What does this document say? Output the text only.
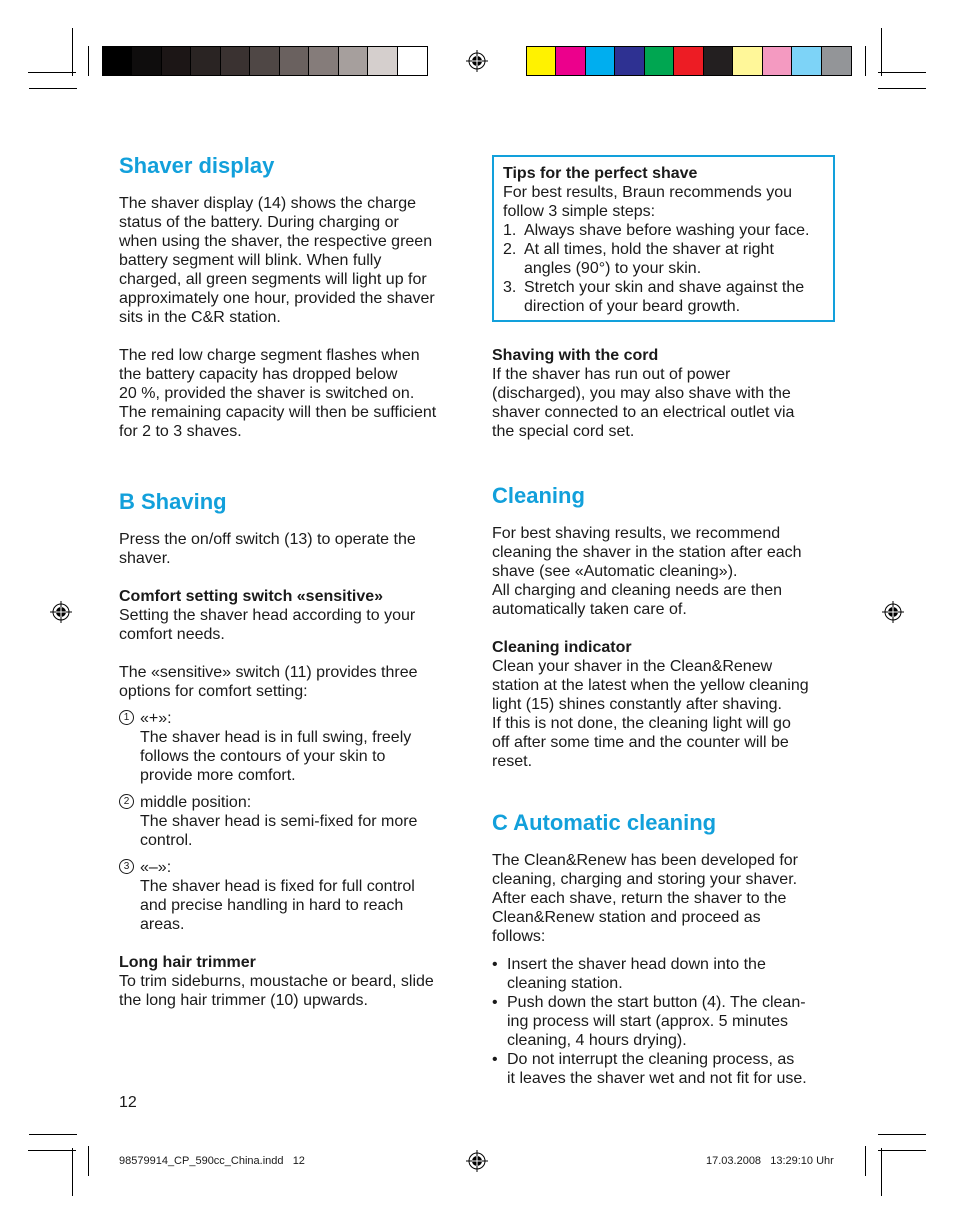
Shaver display

The shaver display (14) shows the charge
status of the battery. During charging or
when using the shaver, the respective green
battery segment will blink. When fully
charged, all green segments will light up for
approximately one hour, provided the shaver
sits in the C&R station.

The red low charge segment flashes when
the battery capacity has dropped below
20 %, provided the shaver is switched on.
The remaining capacity will then be sufficient
for 2 to 3 shaves.

B Shaving

Press the on/off switch (13) to operate the
shaver.

Comfort setting switch «sensitive»

Setting the shaver head according to your
comfort needs.

The «sensitive» switch (11) provides three
options for comfort setting:

1 «+»:

The shaver head is in full swing, freely
follows the contours of your skin to
provide more comfort.

2 middle position:

The shaver head is semi-fixed for more
control.

3 «–»:

The shaver head is fixed for full control
and precise handling in hard to reach
areas.

Long hair trimmer

To trim sideburns, moustache or beard, slide
the long hair trimmer (10) upwards.

12

Tips for the perfect shave

For best results, Braun recommends you
follow 3 simple steps:

1. Always shave before washing your face.
2. At all times, hold the shaver at right
angles (90°) to your skin.
3. Stretch your skin and shave against the
direction of your beard growth.

Shaving with the cord

If the shaver has run out of power
(discharged), you may also shave with the
shaver connected to an electrical outlet via
the special cord set.

Cleaning

For best shaving results, we recommend
cleaning the shaver in the station after each
shave (see «Automatic cleaning»).
All charging and cleaning needs are then
automatically taken care of.

Cleaning indicator

Clean your shaver in the Clean&Renew
station at the latest when the yellow cleaning
light (15) shines constantly after shaving.
If this is not done, the cleaning light will go
off after some time and the counter will be
reset.

C Automatic cleaning

The Clean&Renew has been developed for
cleaning, charging and storing your shaver.
After each shave, return the shaver to the
Clean&Renew station and proceed as
follows:

• Insert the shaver head down into the
cleaning station.
• Push down the start button (4). The clean-
ing process will start (approx. 5 minutes
cleaning, 4 hours drying).
• Do not interrupt the cleaning process, as
it leaves the shaver wet and not fit for use.
98579914_CP_590cc_China.indd   12	17.03.2008   13:29:10 Uhr
